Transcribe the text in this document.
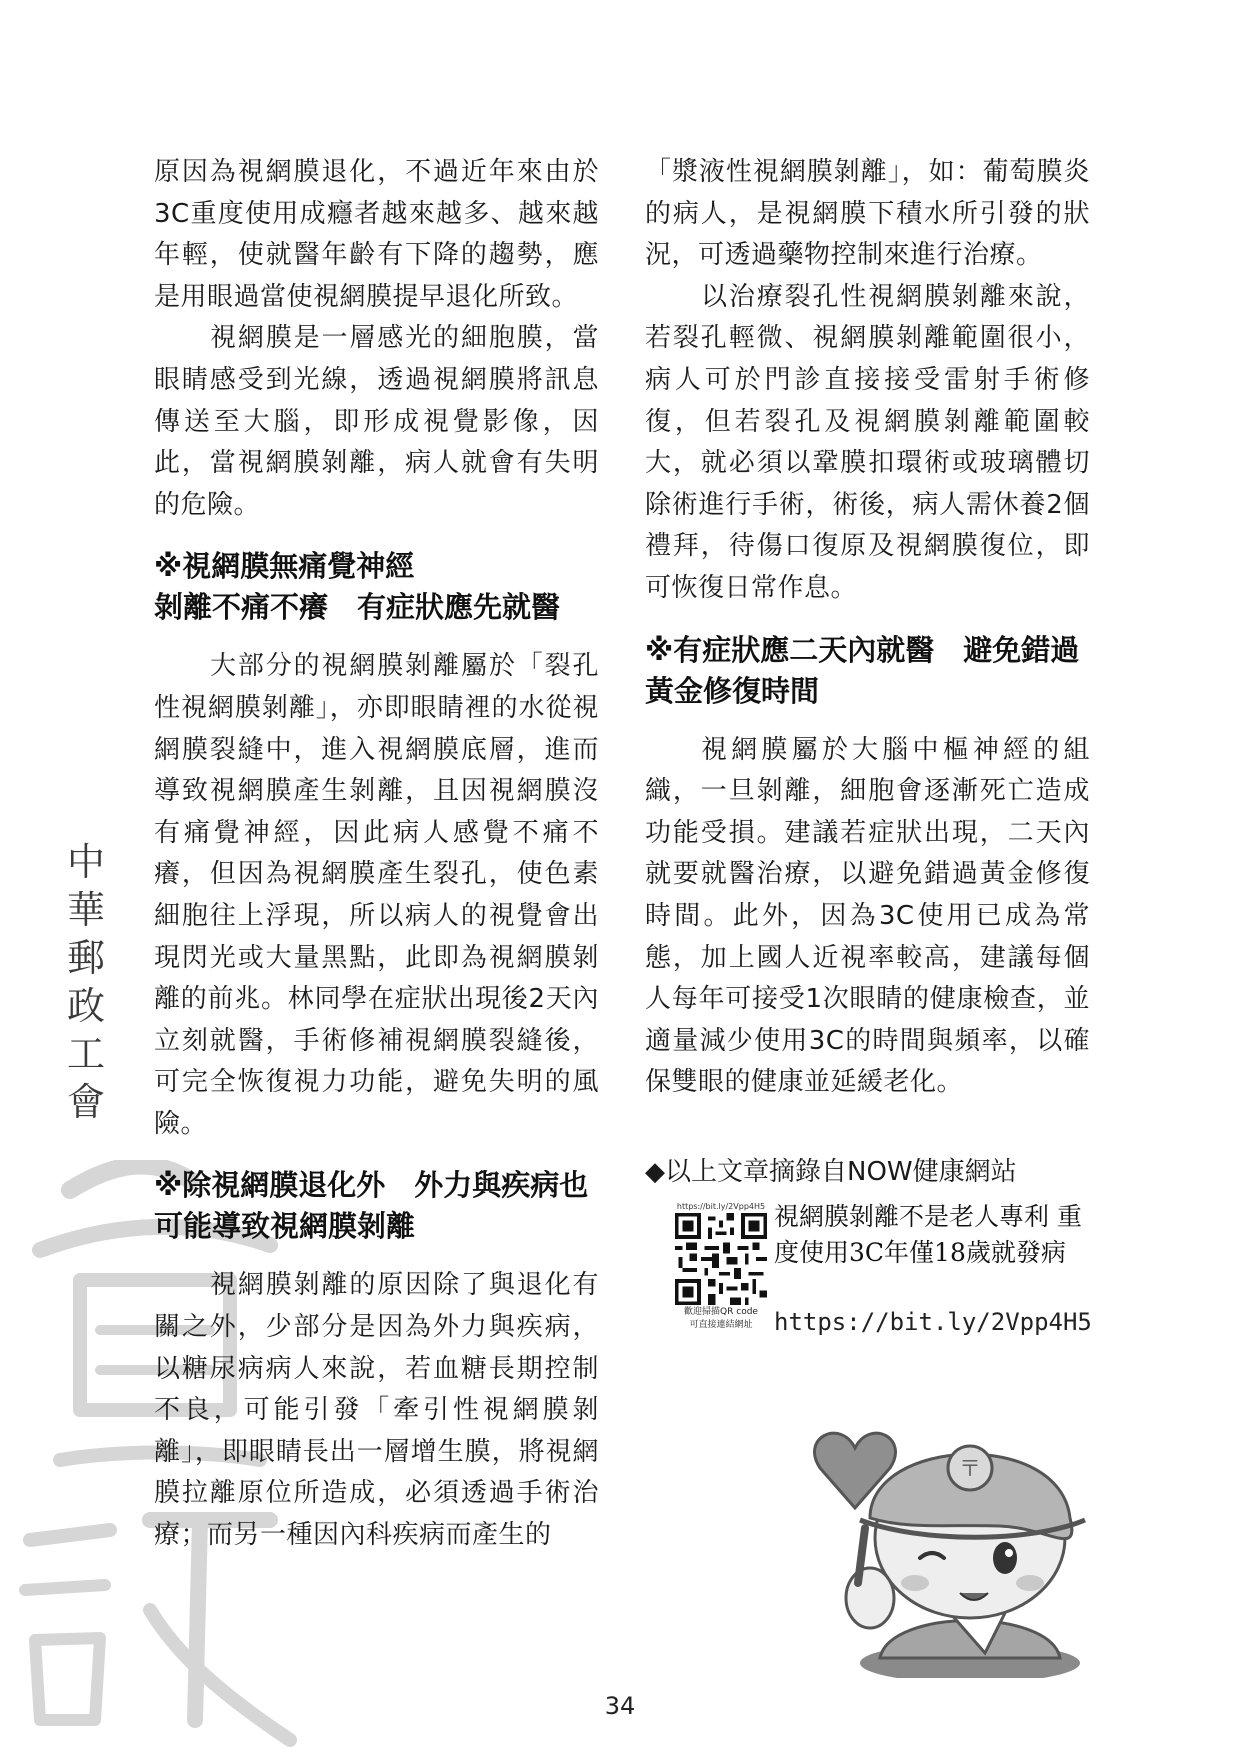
中
華
郵
政
工
會

原因為視網膜退化，不過近年來由於3C重度使用成癮者越來越多、越來越年輕，使就醫年齡有下降的趨勢，應是用眼過當使視網膜提早退化所致。

視網膜是一層感光的細胞膜，當眼睛感受到光線，透過視網膜將訊息傳送至大腦，即形成視覺影像，因此，當視網膜剝離，病人就會有失明的危險。

※視網膜無痛覺神經
剝離不痛不癢　有症狀應先就醫

大部分的視網膜剝離屬於「裂孔性視網膜剝離」，亦即眼睛裡的水從視網膜裂縫中，進入視網膜底層，進而導致視網膜產生剝離，且因視網膜沒有痛覺神經，因此病人感覺不痛不癢，但因為視網膜產生裂孔，使色素細胞往上浮現，所以病人的視覺會出現閃光或大量黑點，此即為視網膜剝離的前兆。林同學在症狀出現後2天內立刻就醫，手術修補視網膜裂縫後，可完全恢復視力功能，避免失明的風險。

※除視網膜退化外　外力與疾病也
可能導致視網膜剝離

視網膜剝離的原因除了與退化有關之外，少部分是因為外力與疾病，以糖尿病病人來說，若血糖長期控制不良，可能引發「牽引性視網膜剝離」，即眼睛長出一層增生膜，將視網膜拉離原位所造成，必須透過手術治療；而另一種因內科疾病而產生的

「漿液性視網膜剝離」，如：葡萄膜炎的病人，是視網膜下積水所引發的狀況，可透過藥物控制來進行治療。

以治療裂孔性視網膜剝離來說，若裂孔輕微、視網膜剝離範圍很小，病人可於門診直接接受雷射手術修復，但若裂孔及視網膜剝離範圍較大，就必須以鞏膜扣環術或玻璃體切除術進行手術，術後，病人需休養2個禮拜，待傷口復原及視網膜復位，即可恢復日常作息。

※有症狀應二天內就醫　避免錯過
黃金修復時間

視網膜屬於大腦中樞神經的組織，一旦剝離，細胞會逐漸死亡造成功能受損。建議若症狀出現，二天內就要就醫治療，以避免錯過黃金修復時間。此外，因為3C使用已成為常態，加上國人近視率較高，建議每個人每年可接受1次眼睛的健康檢查，並適量減少使用3C的時間與頻率，以確保雙眼的健康並延緩老化。

◆以上文章摘錄自NOW健康網站
https://bit.ly/2Vpp4H5
歡迎掃描QR code
可直接連結網址
視網膜剝離不是老人專利 重度使用3C年僅18歲就發病
https://bit.ly/2Vpp4H5
〒
34
